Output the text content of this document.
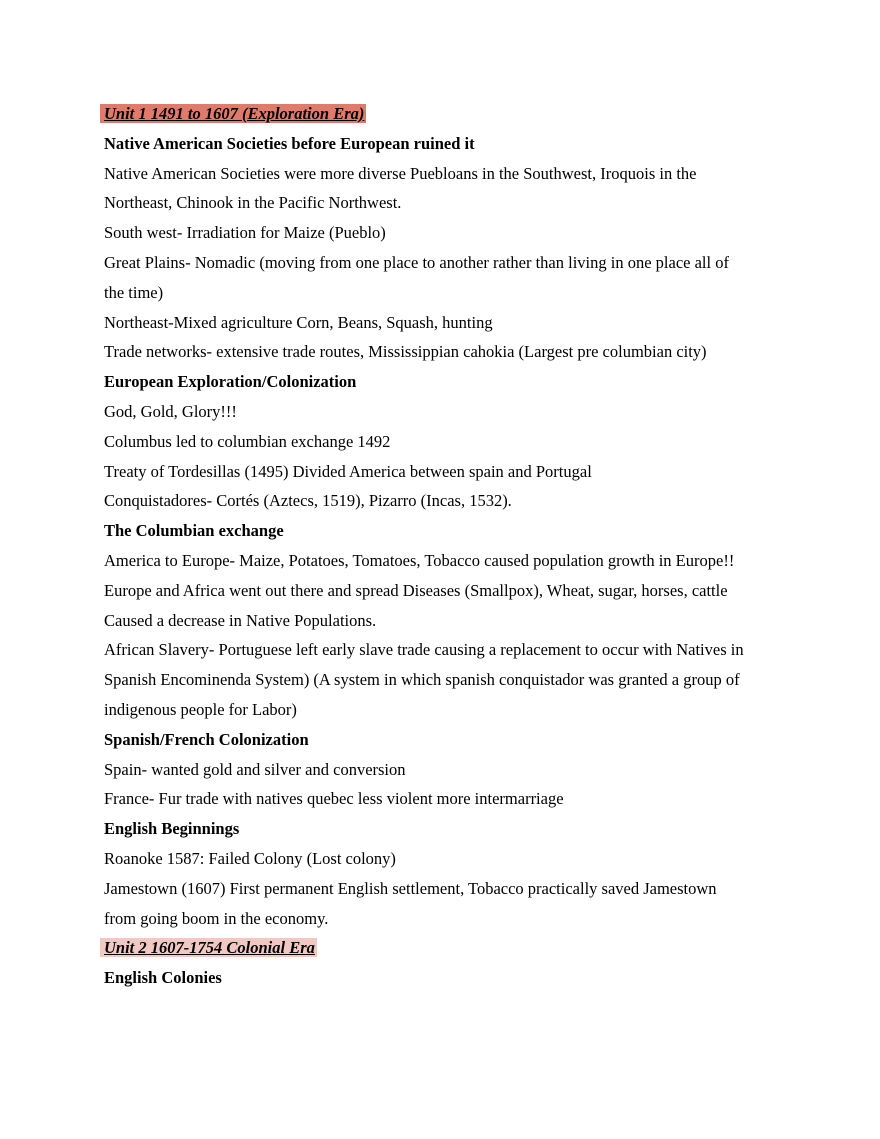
Unit 1 1491 to 1607 (Exploration Era)

Native American Societies before European ruined it

Native American Societies were more diverse Puebloans in the Southwest, Iroquois in the

Northeast, Chinook in the Pacific Northwest.

South west- Irradiation for Maize (Pueblo)

Great Plains- Nomadic (moving from one place to another rather than living in one place all of

the time)

Northeast-Mixed agriculture Corn, Beans, Squash, hunting

Trade networks- extensive trade routes, Mississippian cahokia (Largest pre columbian city)

European Exploration/Colonization

God, Gold, Glory!!!

Columbus led to columbian exchange 1492

Treaty of Tordesillas (1495) Divided America between spain and Portugal

Conquistadores- Cortés (Aztecs, 1519), Pizarro (Incas, 1532).

The Columbian exchange

America to Europe- Maize, Potatoes, Tomatoes, Tobacco caused population growth in Europe!!

Europe and Africa went out there and spread Diseases (Smallpox), Wheat, sugar, horses, cattle

Caused a decrease in Native Populations.

African Slavery- Portuguese left early slave trade causing a replacement to occur with Natives in

Spanish Encominenda System) (A system in which spanish conquistador was granted a group of

indigenous people for Labor)

Spanish/French Colonization

Spain- wanted gold and silver and conversion

France- Fur trade with natives quebec less violent more intermarriage

English Beginnings

Roanoke 1587: Failed Colony (Lost colony)

Jamestown (1607) First permanent English settlement, Tobacco practically saved Jamestown

from going boom in the economy.

Unit 2 1607-1754 Colonial Era

English Colonies
